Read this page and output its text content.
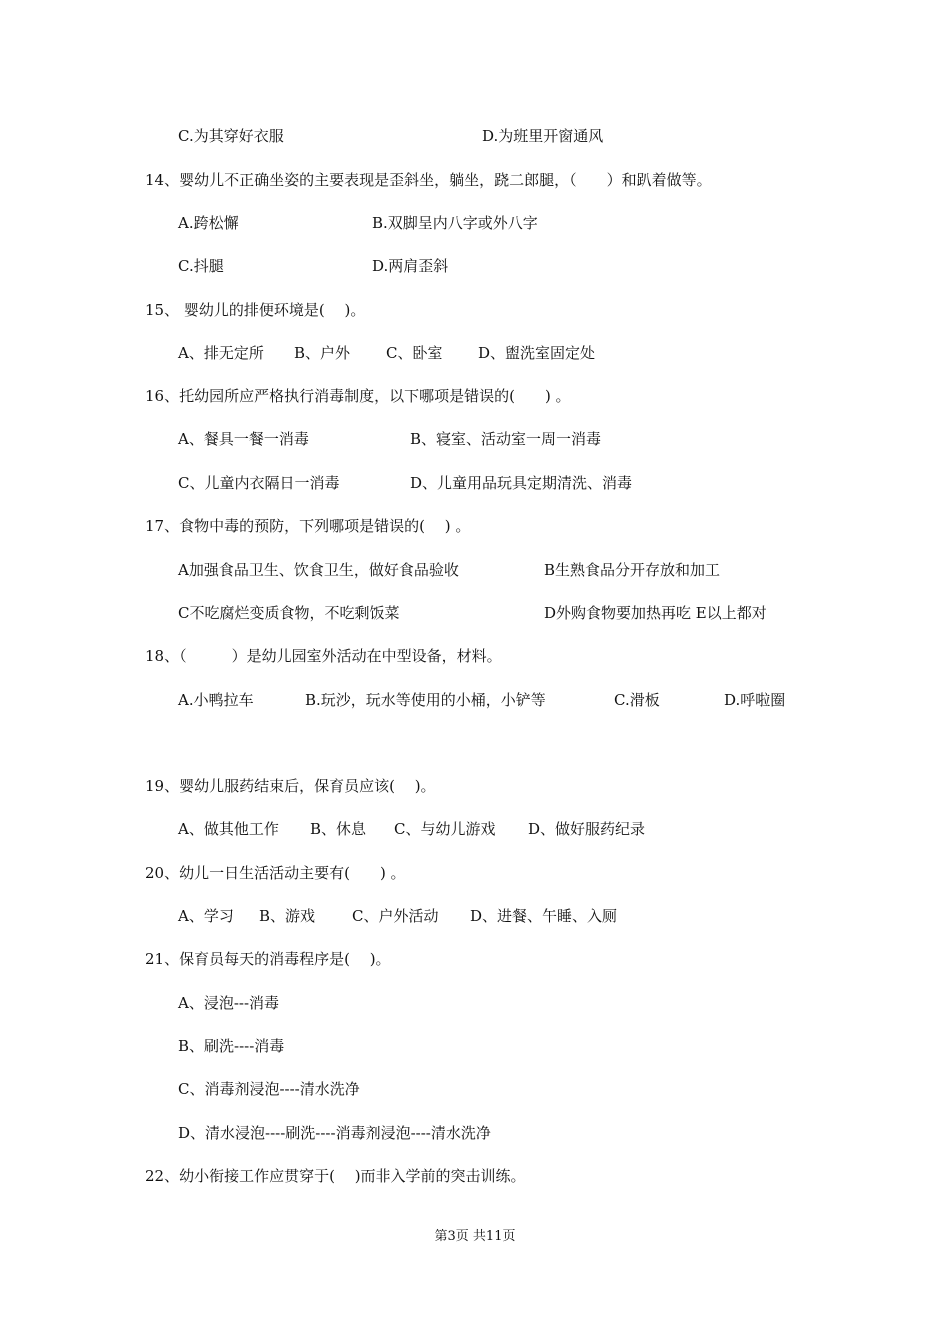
C.为其穿好衣服	D.为班里开窗通风
14、婴幼儿不正确坐姿的主要表现是歪斜坐，躺坐，跷二郎腿，（　　）和趴着做等。
A.跨松懈	B.双脚呈内八字或外八字
C.抖腿	D.两肩歪斜
15、 婴幼儿的排便环境是(　 )。
A、排无定所 B、户外 C、卧室 D、盥洗室固定处
16、托幼园所应严格执行消毒制度，以下哪项是错误的(　　) 。
A、餐具一餐一消毒	B、寝室、活动室一周一消毒
C、儿童内衣隔日一消毒	D、儿童用品玩具定期清洗、消毒
17、食物中毒的预防，下列哪项是错误的(　 ) 。
A加强食品卫生、饮食卫生，做好食品验收	B生熟食品分开存放和加工
C不吃腐烂变质食物，不吃剩饭菜	D外购食物要加热再吃 E以上都对
18、（　　　）是幼儿园室外活动在中型设备，材料。
A.小鸭拉车	B.玩沙，玩水等使用的小桶，小铲等	C.滑板	D.呼啦圈
19、婴幼儿服药结束后，保育员应该(　 )。
A、做其他工作 B、休息 C、与幼儿游戏 D、做好服药纪录
20、幼儿一日生活活动主要有(　　) 。
A、学习 B、游戏 C、户外活动 D、进餐、午睡、入厕
21、保育员每天的消毒程序是(　 )。
A、浸泡---消毒
B、刷洗----消毒
C、消毒剂浸泡----清水洗净
D、清水浸泡----刷洗----消毒剂浸泡----清水洗净
22、幼小衔接工作应贯穿于(　 )而非入学前的突击训练。
第3页 共11页
